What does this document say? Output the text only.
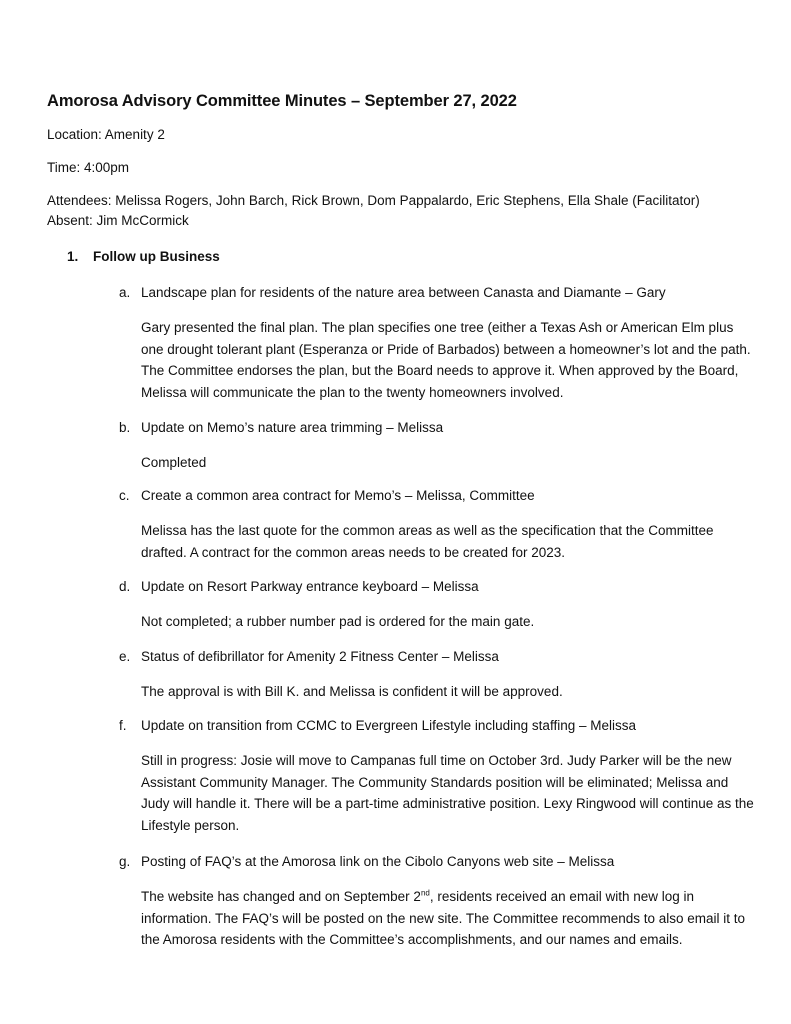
Amorosa Advisory Committee Minutes – September 27, 2022
Location: Amenity 2
Time: 4:00pm
Attendees: Melissa Rogers, John Barch, Rick Brown, Dom Pappalardo, Eric Stephens, Ella Shale (Facilitator)
Absent: Jim McCormick
1. Follow up Business
a. Landscape plan for residents of the nature area between Canasta and Diamante – Gary
Gary presented the final plan. The plan specifies one tree (either a Texas Ash or American Elm plus one drought tolerant plant (Esperanza or Pride of Barbados) between a homeowner’s lot and the path. The Committee endorses the plan, but the Board needs to approve it. When approved by the Board, Melissa will communicate the plan to the twenty homeowners involved.
b. Update on Memo’s nature area trimming – Melissa
Completed
c. Create a common area contract for Memo’s – Melissa, Committee
Melissa has the last quote for the common areas as well as the specification that the Committee drafted. A contract for the common areas needs to be created for 2023.
d. Update on Resort Parkway entrance keyboard – Melissa
Not completed; a rubber number pad is ordered for the main gate.
e. Status of defibrillator for Amenity 2 Fitness Center – Melissa
The approval is with Bill K. and Melissa is confident it will be approved.
f. Update on transition from CCMC to Evergreen Lifestyle including staffing – Melissa
Still in progress: Josie will move to Campanas full time on October 3rd. Judy Parker will be the new Assistant Community Manager. The Community Standards position will be eliminated; Melissa and Judy will handle it. There will be a part-time administrative position. Lexy Ringwood will continue as the Lifestyle person.
g. Posting of FAQ’s at the Amorosa link on the Cibolo Canyons web site – Melissa
The website has changed and on September 2nd, residents received an email with new log in information. The FAQ’s will be posted on the new site. The Committee recommends to also email it to the Amorosa residents with the Committee’s accomplishments, and our names and emails.
